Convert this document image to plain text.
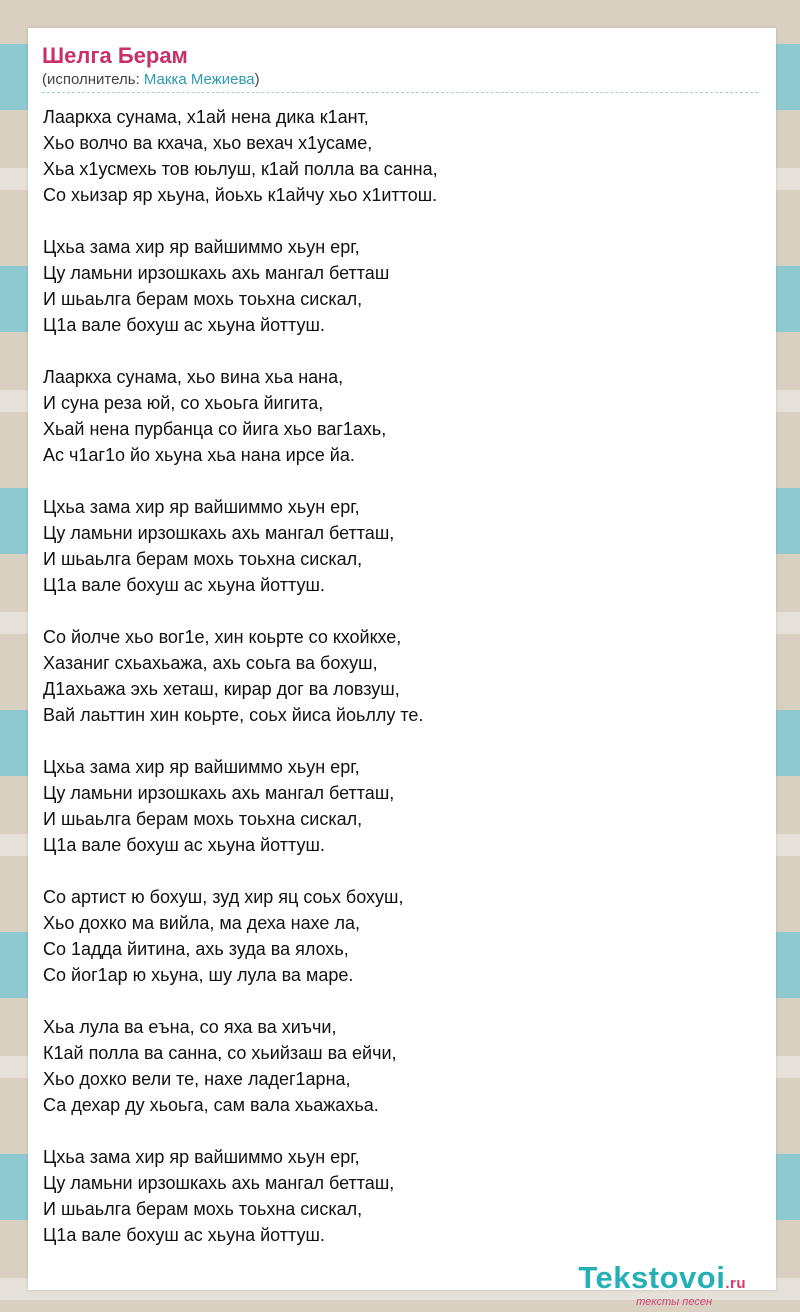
Шелга Берам
(исполнитель: Макка Межиева)
Лааркха сунама, х1ай нена дика к1ант,
Хьо волчо ва кхача, хьо вехач х1усаме,
Хьа х1усмехь тов юьлуш, к1ай полла ва санна,
Со хьизар яр хьуна, йоьхь к1айчу хьо х1иттош.
Цхьа зама хир яр вайшиммо хьун ерг,
Цу ламьни ирзошкахь ахь мангал бетташ
И шьаьлга берам мохь тоьхна сискал,
Ц1а вале бохуш ас хьуна йоттуш.
Лааркха сунама, хьо вина хьа нана,
И суна реза юй, со хьоьга йигита,
Хьай нена пурбанца со йига хьо ваг1ахь,
Ас ч1аг1о йо хьуна хьа нана ирсе йа.
Цхьа зама хир яр вайшиммо хьун ерг,
Цу ламьни ирзошкахь ахь мангал бетташ,
И шьаьлга берам мохь тоьхна сискал,
Ц1а вале бохуш ас хьуна йоттуш.
Со йолче хьо вог1е, хин коьрте со кхойкхе,
Хазаниг схьахьажа, ахь соьга ва бохуш,
Д1ахьажа эхь хеташ, кирар дог ва ловзуш,
Вай лаьттин хин коьрте, соьх йиса йоьллу те.
Цхьа зама хир яр вайшиммо хьун ерг,
Цу ламьни ирзошкахь ахь мангал бетташ,
И шьаьлга берам мохь тоьхна сискал,
Ц1а вале бохуш ас хьуна йоттуш.
Со артист ю бохуш, зуд хир яц соьх бохуш,
Хьо дохко ма вийла, ма деха нахе ла,
Со 1адда йитина, ахь зуда ва ялохь,
Со йог1ар ю хьуна, шу лула ва маре.
Хьа лула ва еъна, со яха ва хиъчи,
К1ай полла ва санна, со хьийзаш ва ейчи,
Хьо дохко вели те, нахе ладег1арна,
Са дехар ду хьоьга, сам вала хьажахьа.
Цхьа зама хир яр вайшиммо хьун ерг,
Цу ламьни ирзошкахь ахь мангал бетташ,
И шьаьлга берам мохь тоьхна сискал,
Ц1а вале бохуш ас хьуна йоттуш.
Tekstovoi.ru
тексты песен
